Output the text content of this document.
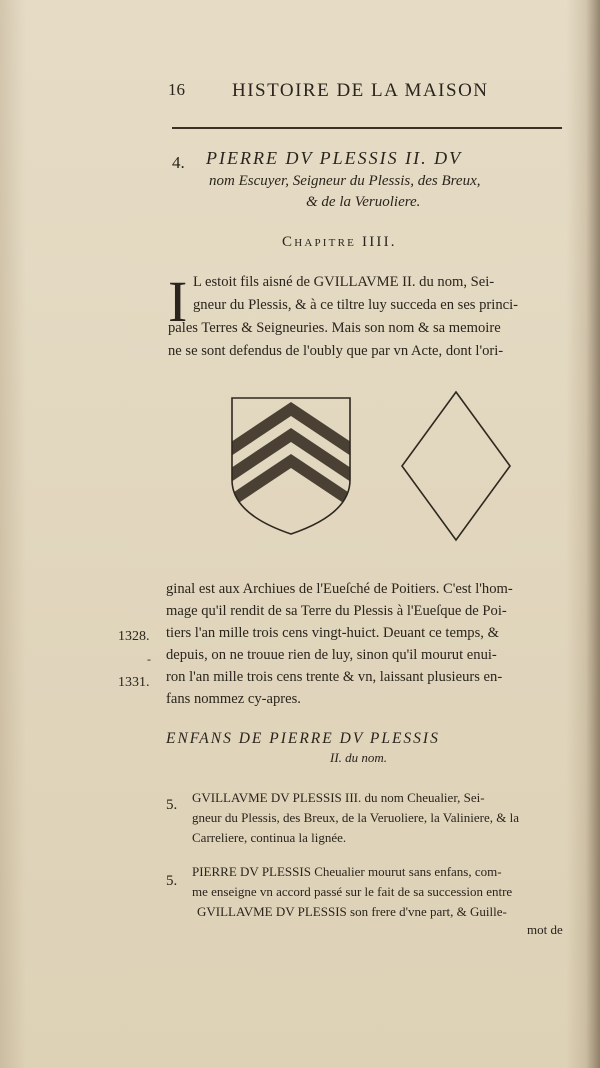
16 HISTOIRE DE LA MAISON
4. PIERRE DV PLESSIS II. DV
nom Escuyer, Seigneur du Plessis, des Breux,
& de la Veruoliere.
Chapitre IIII.
I L estoit fils aisné de GVILLAVME II. du nom, Sei-
gneur du Plessis, & à ce tiltre luy succeda en ses princi-
pales Terres & Seigneuries. Mais son nom & sa memoire
ne se sont defendus de l'oubly que par vn Acte, dont l'ori-
ginal est aux Archiues de l'Eueſché de Poitiers. C'est l'hom-
mage qu'il rendit de sa Terre du Plessis à l'Eueſque de Poi-
tiers l'an mille trois cens vingt-huict. Deuant ce temps, &
depuis, on ne trouue rien de luy, sinon qu'il mourut enui-
ron l'an mille trois cens trente & vn, laissant plusieurs en-
fans nommez cy-apres.
1328.
-
1331.
ENFANS DE PIERRE DV PLESSIS
II. du nom.
5. GVILLAVME DV PLESSIS III. du nom Cheualier, Sei-
gneur du Plessis, des Breux, de la Veruoliere, la Valiniere, & la
Carreliere, continua la lignée.
5.
PIERRE DV PLESSIS Cheualier mourut sans enfans, com-
me enseigne vn accord passé sur le fait de sa succession entre
GVILLAVME DV PLESSIS son frere d'vne part, & Guille-
mot de
